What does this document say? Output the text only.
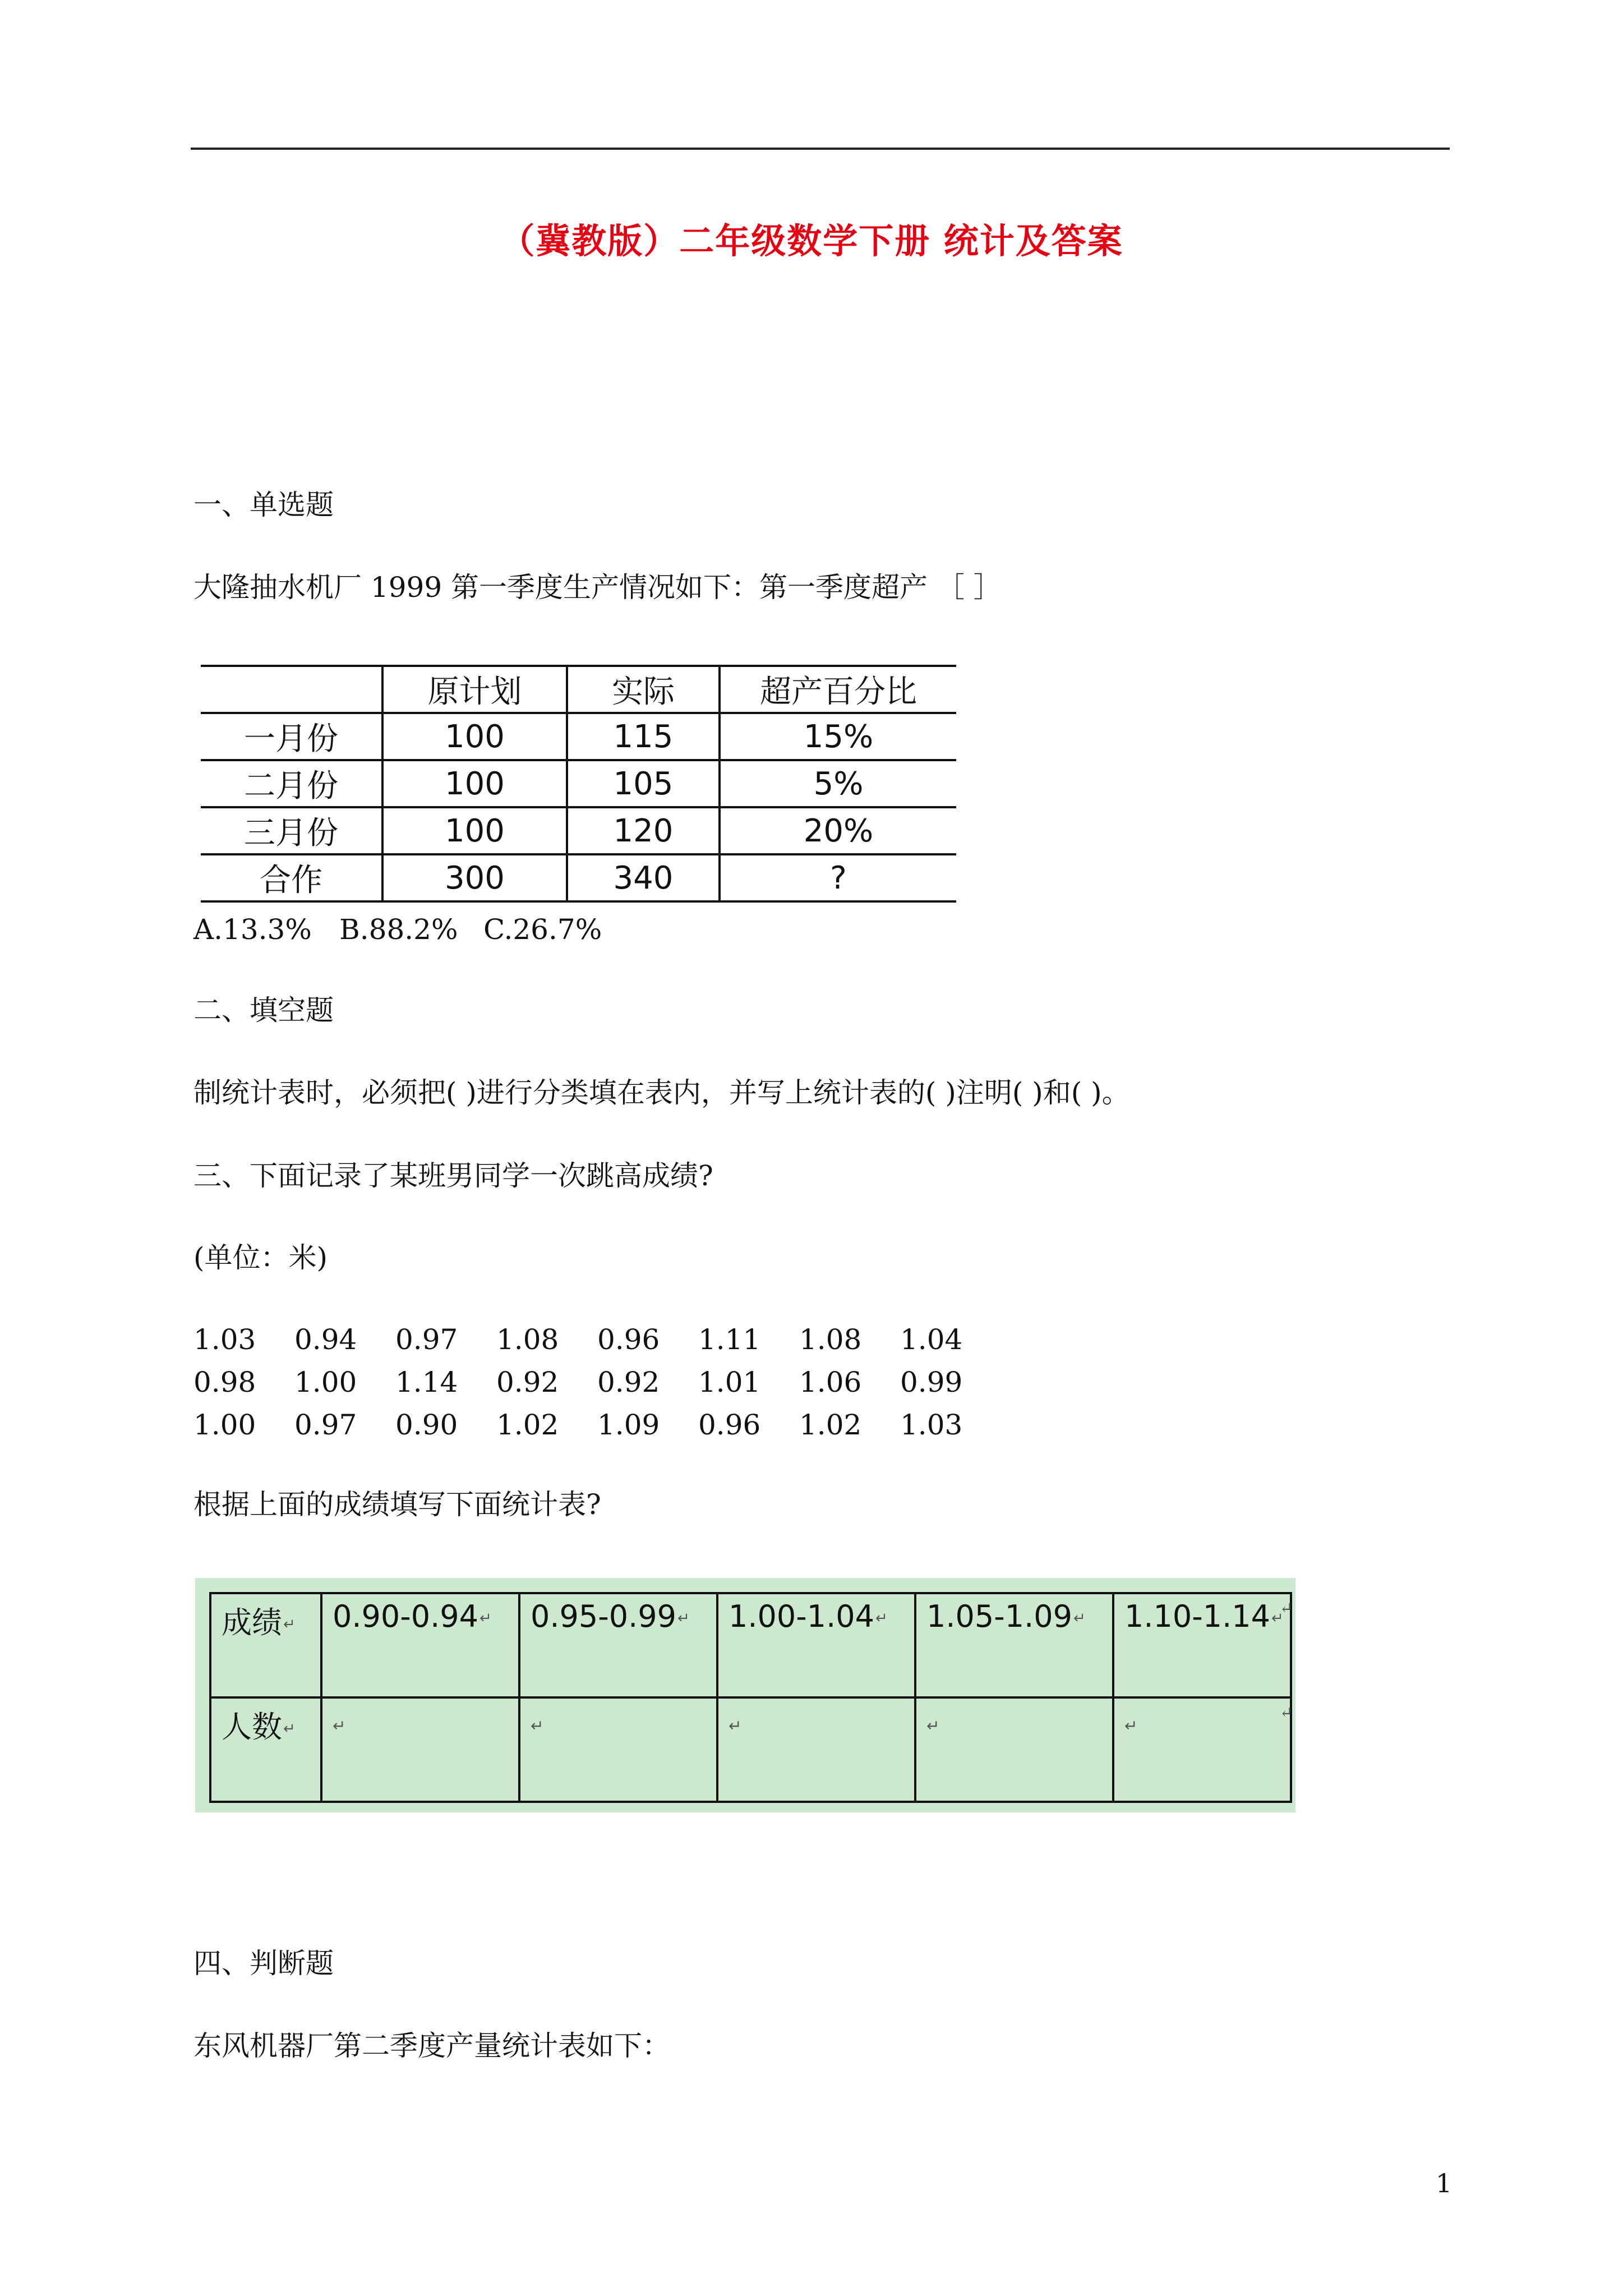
（冀教版）二年级数学下册 统计及答案
一、单选题
大隆抽水机厂 1999 第一季度生产情况如下：第一季度超产 ［ ］
	原计划	实际	超产百分比
一月份	100	115	15%
二月份	100	105	5%
三月份	100	120	20%
合作	300	340	?
A.13.3% B.88.2% C.26.7%
二、填空题
制统计表时，必须把( )进行分类填在表内，并写上统计表的( )注明( )和( )。
三、下面记录了某班男同学一次跳高成绩?
(单位：米)
1.03 0.94 0.97 1.08 0.96 1.11 1.08 1.04
0.98 1.00 1.14 0.92 0.92 1.01 1.06 0.99
1.00 0.97 0.90 1.02 1.09 0.96 1.02 1.03
根据上面的成绩填写下面统计表?
成绩↵	0.90-0.94↵	0.95-0.99↵	1.00-1.04↵	1.05-1.09↵	1.10-1.14↵
人数↵	↵	↵	↵	↵	↵
↵
↵
四、判断题
东风机器厂第二季度产量统计表如下：
1
